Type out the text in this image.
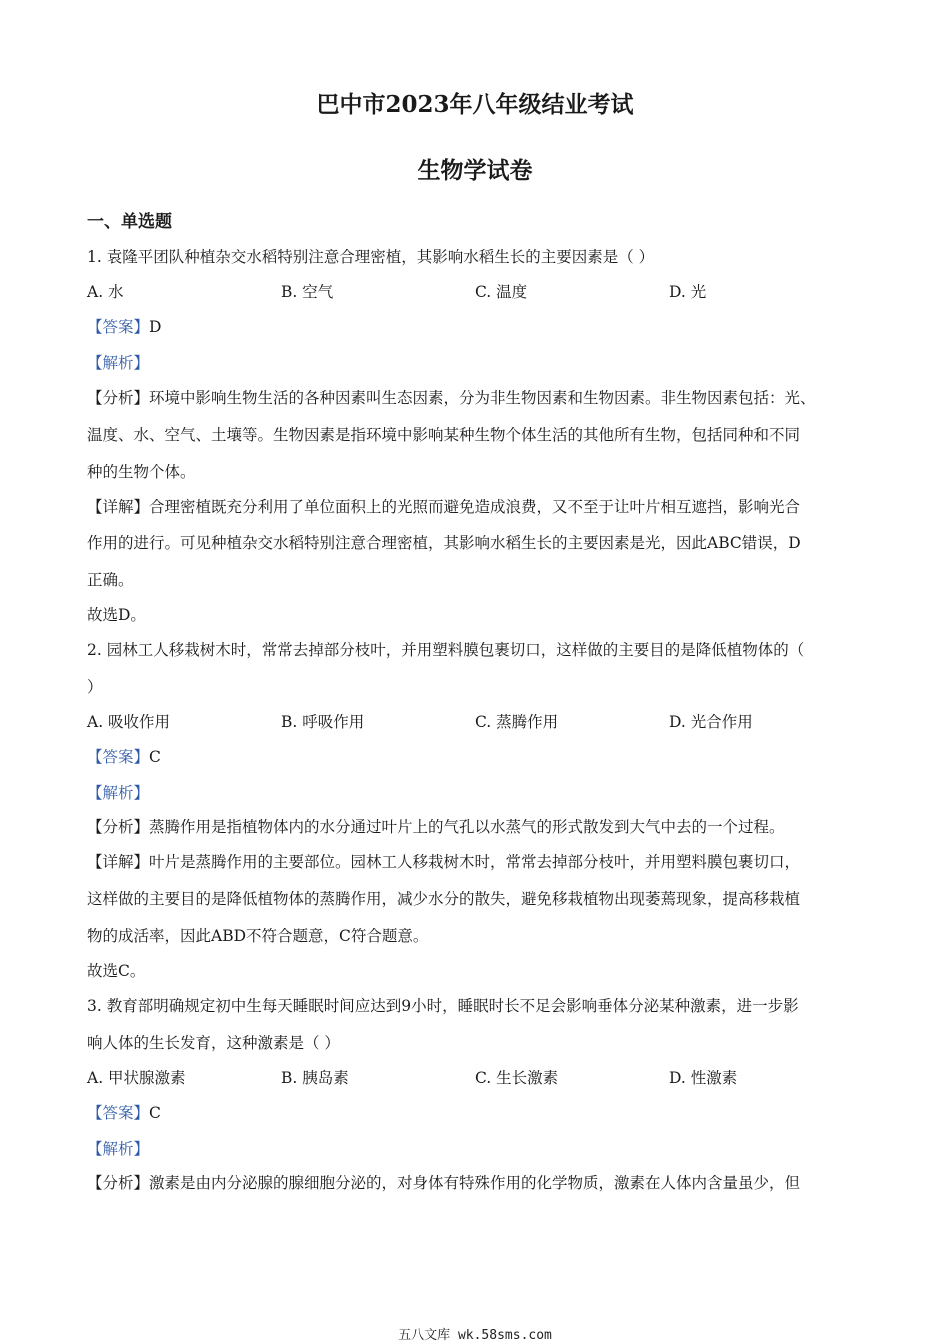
巴中市2023年八年级结业考试
生物学试卷
一、单选题
1. 袁隆平团队种植杂交水稻特别注意合理密植，其影响水稻生长的主要因素是（ ）
A. 水	B. 空气	C. 温度	D. 光
【答案】D
【解析】
【分析】环境中影响生物生活的各种因素叫生态因素，分为非生物因素和生物因素。非生物因素包括：光、
温度、水、空气、土壤等。生物因素是指环境中影响某种生物个体生活的其他所有生物，包括同种和不同
种的生物个体。
【详解】合理密植既充分利用了单位面积上的光照而避免造成浪费，又不至于让叶片相互遮挡，影响光合
作用的进行。可见种植杂交水稻特别注意合理密植，其影响水稻生长的主要因素是光，因此ABC错误，D
正确。
故选D。
2. 园林工人移栽树木时，常常去掉部分枝叶，并用塑料膜包裹切口，这样做的主要目的是降低植物体的（
）
A. 吸收作用	B. 呼吸作用	C. 蒸腾作用	D. 光合作用
【答案】C
【解析】
【分析】蒸腾作用是指植物体内的水分通过叶片上的气孔以水蒸气的形式散发到大气中去的一个过程。
【详解】叶片是蒸腾作用的主要部位。园林工人移栽树木时，常常去掉部分枝叶，并用塑料膜包裹切口，
这样做的主要目的是降低植物体的蒸腾作用，减少水分的散失，避免移栽植物出现萎蔫现象，提高移栽植
物的成活率，因此ABD不符合题意，C符合题意。
故选C。
3. 教育部明确规定初中生每天睡眠时间应达到9小时，睡眠时长不足会影响垂体分泌某种激素，进一步影
响人体的生长发育，这种激素是（ ）
A. 甲状腺激素	B. 胰岛素	C. 生长激素	D. 性激素
【答案】C
【解析】
【分析】激素是由内分泌腺的腺细胞分泌的，对身体有特殊作用的化学物质，激素在人体内含量虽少，但
五八文库 wk.58sms.com
